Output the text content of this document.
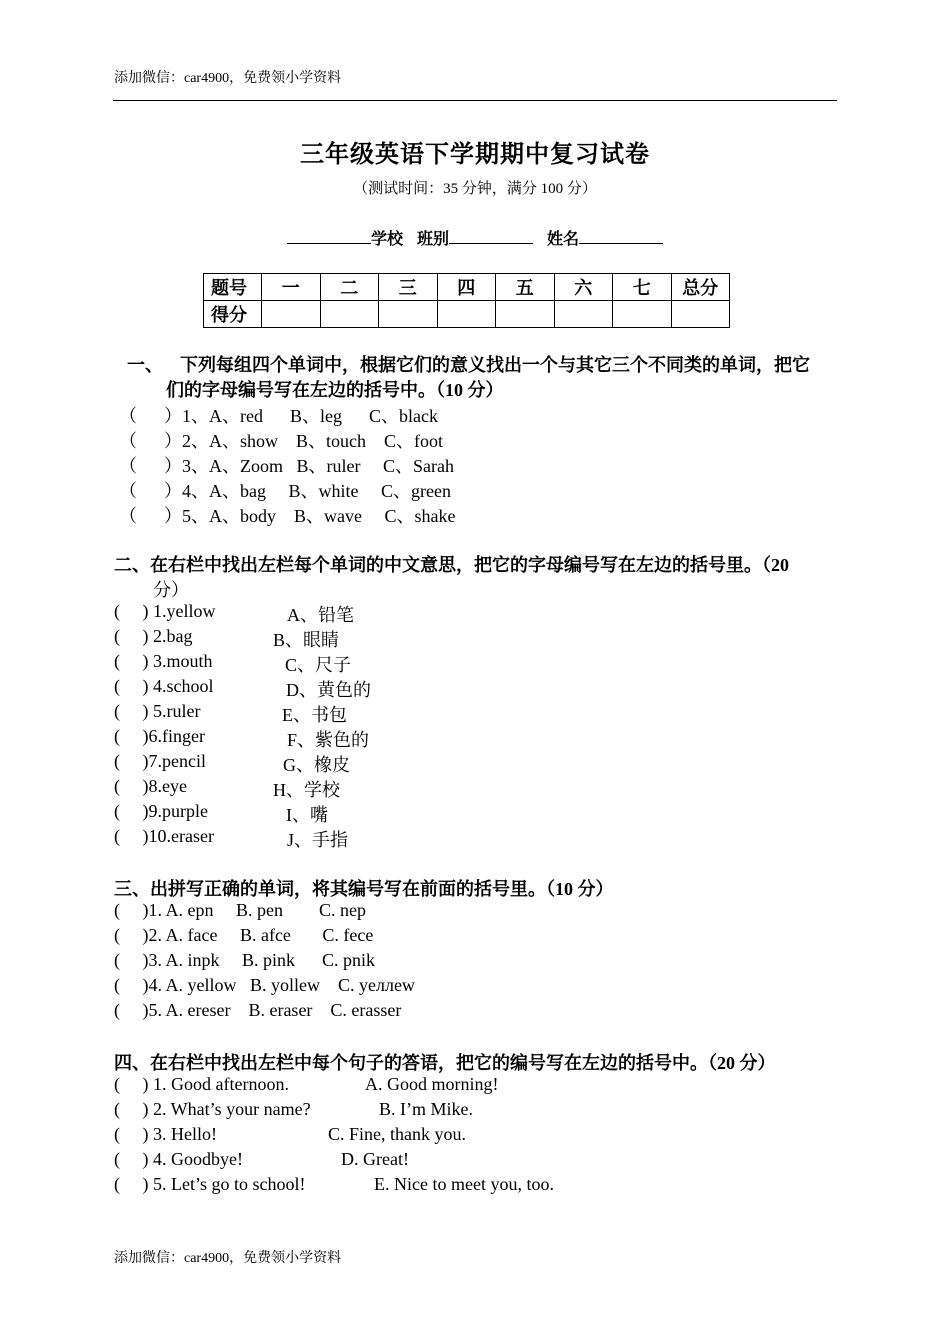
添加微信：car4900，免费领小学资料
三年级英语下学期期中复习试卷
（测试时间：35 分钟，满分 100 分）
学校 班别	姓名
题号	一	二	三	四	五	六	七	总分
得分								
一、 下列每组四个单词中，根据它们的意义找出一个与其它三个不同类的单词，把它
们的字母编号写在左边的括号中。（10 分）
（　  ）1、A、red      B、leg      C、black
（　  ）2、A、show    B、touch    C、foot
（　  ）3、A、Zoom   B、ruler     C、Sarah
（　  ）4、A、bag     B、white     C、green
（　  ）5、A、body    B、wave     C、shake
二、在右栏中找出左栏每个单词的中文意思，把它的字母编号写在左边的括号里。（20
分）
(     ) 1.yellow	A、铅笔
(     ) 2.bag	B、眼睛
(     ) 3.mouth	C、尺子
(     ) 4.school	D、黄色的
(     ) 5.ruler	E、书包
(     )6.finger	F、紫色的
(     )7.pencil	G、橡皮
(     )8.eye	H、学校
(     )9.purple	I、嘴
(     )10.eraser	J、手指
三、出拼写正确的单词，将其编号写在前面的括号里。（10 分）
(     )1. A. epn     B. pen        C. nep
(     )2. A. face     B. afce       C. fece
(     )3. A. inpk     B. pink      C. pnik
(     )4. A. yellow   B. yollew    C. yeллew
(     )5. A. ereser    B. eraser    C. erasser
四、在右栏中找出左栏中每个句子的答语，把它的编号写在左边的括号中。（20 分）
(     ) 1. Good afternoon.	A. Good morning!
(     ) 2. What’s your name?	B. I’m Mike.
(     ) 3. Hello!	C. Fine, thank you.
(     ) 4. Goodbye!	D. Great!
(     ) 5. Let’s go to school!	E. Nice to meet you, too.
添加微信：car4900，免费领小学资料
